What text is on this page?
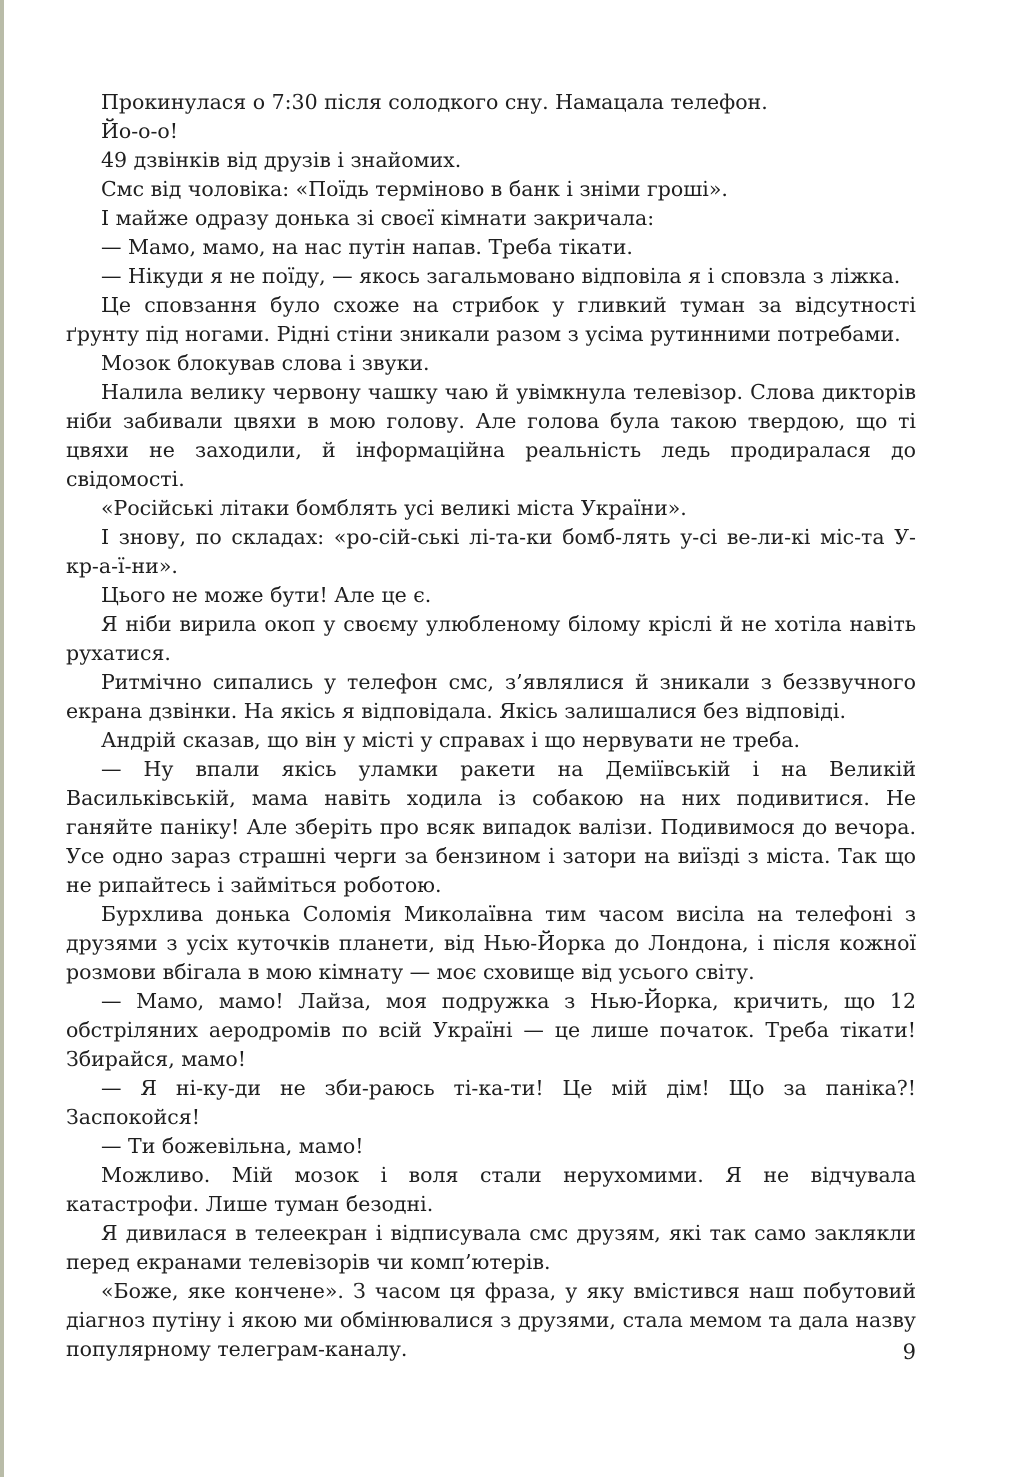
Прокинулася о 7:30 після солодкого сну. Намацала телефон.

Йо-о-о!

49 дзвінків від друзів і знайомих.

Смс від чоловіка: «Поїдь терміново в банк і зніми гроші».

І майже одразу донька зі своєї кімнати закричала:

— Мамо, мамо, на нас путін напав. Треба тікати.

— Нікуди я не поїду, — якось загальмовано відповіла я і сповзла з ліжка.

Це сповзання було схоже на стрибок у гливкий туман за відсутності ґрунту під ногами. Рідні стіни зникали разом з усіма рутинними потребами.

Мозок блокував слова і звуки.

Налила велику червону чашку чаю й увімкнула телевізор. Слова дикторів ніби забивали цвяхи в мою голову. Але голова була такою твердою, що ті цвяхи не заходили, й інформаційна реальність ледь продиралася до свідомості.

«Російські літаки бомблять усі великі міста України».

І знову, по складах: «ро-сій-ські лі-та-ки бомб-лять у-сі ве-ли-кі міс-та У-кр-а-ї-ни».

Цього не може бути! Але це є.

Я ніби вирила окоп у своєму улюбленому білому кріслі й не хотіла навіть рухатися.

Ритмічно сипались у телефон смс, з’являлися й зникали з беззвучного екрана дзвінки. На якісь я відповідала. Якісь залишалися без відповіді.

Андрій сказав, що він у місті у справах і що нервувати не треба.

— Ну впали якісь уламки ракети на Деміївській і на Великій Васильківській, мама навіть ходила із собакою на них подивитися. Не ганяйте паніку! Але зберіть про всяк випадок валізи. Подивимося до вечора. Усе одно зараз страшні черги за бензином і затори на виїзді з міста. Так що не рипайтесь і займіться роботою.

Бурхлива донька Соломія Миколаївна тим часом висіла на телефоні з друзями з усіх куточків планети, від Нью-Йорка до Лондона, і після кожної розмови вбігала в мою кімнату — моє сховище від усього світу.

— Мамо, мамо! Лайза, моя подружка з Нью-Йорка, кричить, що 12 обстріляних аеродромів по всій Україні — це лише початок. Треба тікати! Збирайся, мамо!

— Я ні-ку-ди не зби-раюсь ті-ка-ти! Це мій дім! Що за паніка?! Заспокойся!

— Ти божевільна, мамо!

Можливо. Мій мозок і воля стали нерухомими. Я не відчувала катастрофи. Лише туман безодні.

Я дивилася в телеекран і відписувала смс друзям, які так само заклякли перед екранами телевізорів чи комп’ютерів.

«Боже, яке кончене». З часом ця фраза, у яку вмістився наш побутовий діагноз путіну і якою ми обмінювалися з друзями, стала мемом та дала назву популярному телеграм-каналу.	9
